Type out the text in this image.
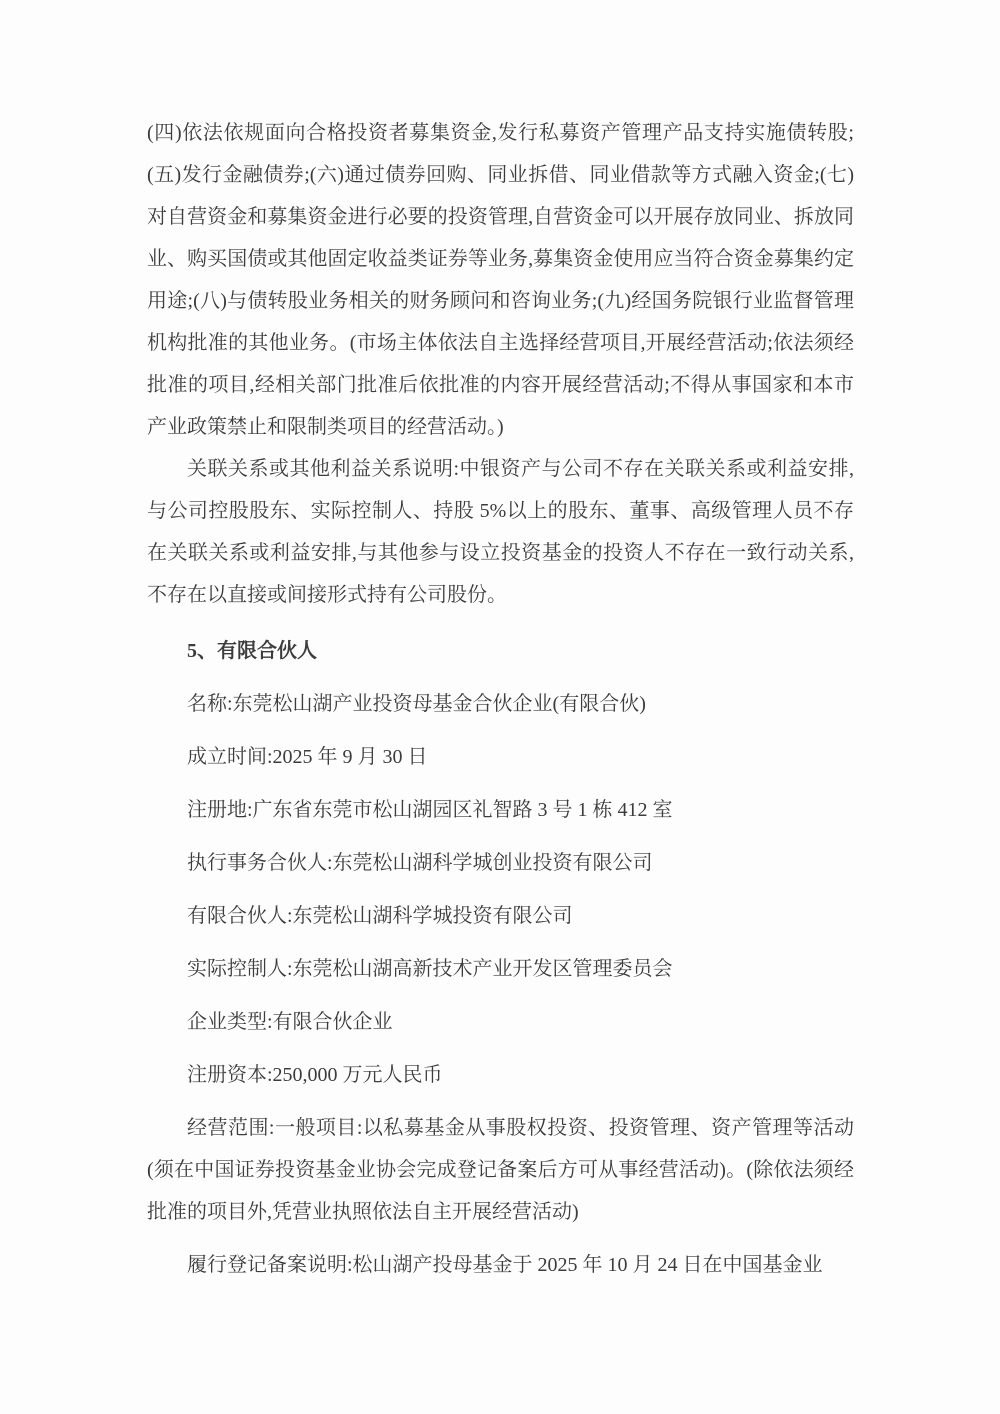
(四)依法依规面向合格投资者募集资金,发行私募资产管理产品支持实施债转股;(五)发行金融债券;(六)通过债券回购、同业拆借、同业借款等方式融入资金;(七)对自营资金和募集资金进行必要的投资管理,自营资金可以开展存放同业、拆放同业、购买国债或其他固定收益类证券等业务,募集资金使用应当符合资金募集约定用途;(八)与债转股业务相关的财务顾问和咨询业务;(九)经国务院银行业监督管理机构批准的其他业务。(市场主体依法自主选择经营项目,开展经营活动;依法须经批准的项目,经相关部门批准后依批准的内容开展经营活动;不得从事国家和本市产业政策禁止和限制类项目的经营活动。)

关联关系或其他利益关系说明:中银资产与公司不存在关联关系或利益安排,与公司控股股东、实际控制人、持股 5%以上的股东、董事、高级管理人员不存在关联关系或利益安排,与其他参与设立投资基金的投资人不存在一致行动关系,不存在以直接或间接形式持有公司股份。

5、有限合伙人

名称:东莞松山湖产业投资母基金合伙企业(有限合伙)

成立时间:2025 年 9 月 30 日

注册地:广东省东莞市松山湖园区礼智路 3 号 1 栋 412 室

执行事务合伙人:东莞松山湖科学城创业投资有限公司

有限合伙人:东莞松山湖科学城投资有限公司

实际控制人:东莞松山湖高新技术产业开发区管理委员会

企业类型:有限合伙企业

注册资本:250,000 万元人民币

经营范围:一般项目:以私募基金从事股权投资、投资管理、资产管理等活动(须在中国证券投资基金业协会完成登记备案后方可从事经营活动)。(除依法须经批准的项目外,凭营业执照依法自主开展经营活动)

履行登记备案说明:松山湖产投母基金于 2025 年 10 月 24 日在中国基金业
